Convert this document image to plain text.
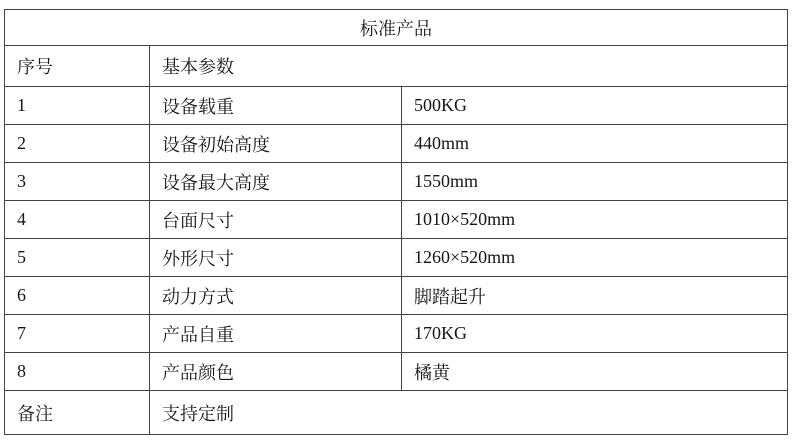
标准产品		
序号	基本参数	
1	设备载重	500KG
2	设备初始高度	440mm
3	设备最大高度	1550mm
4	台面尺寸	1010×520mm
5	外形尺寸	1260×520mm
6	动力方式	脚踏起升
7	产品自重	170KG
8	产品颜色	橘黄
备注	支持定制	
